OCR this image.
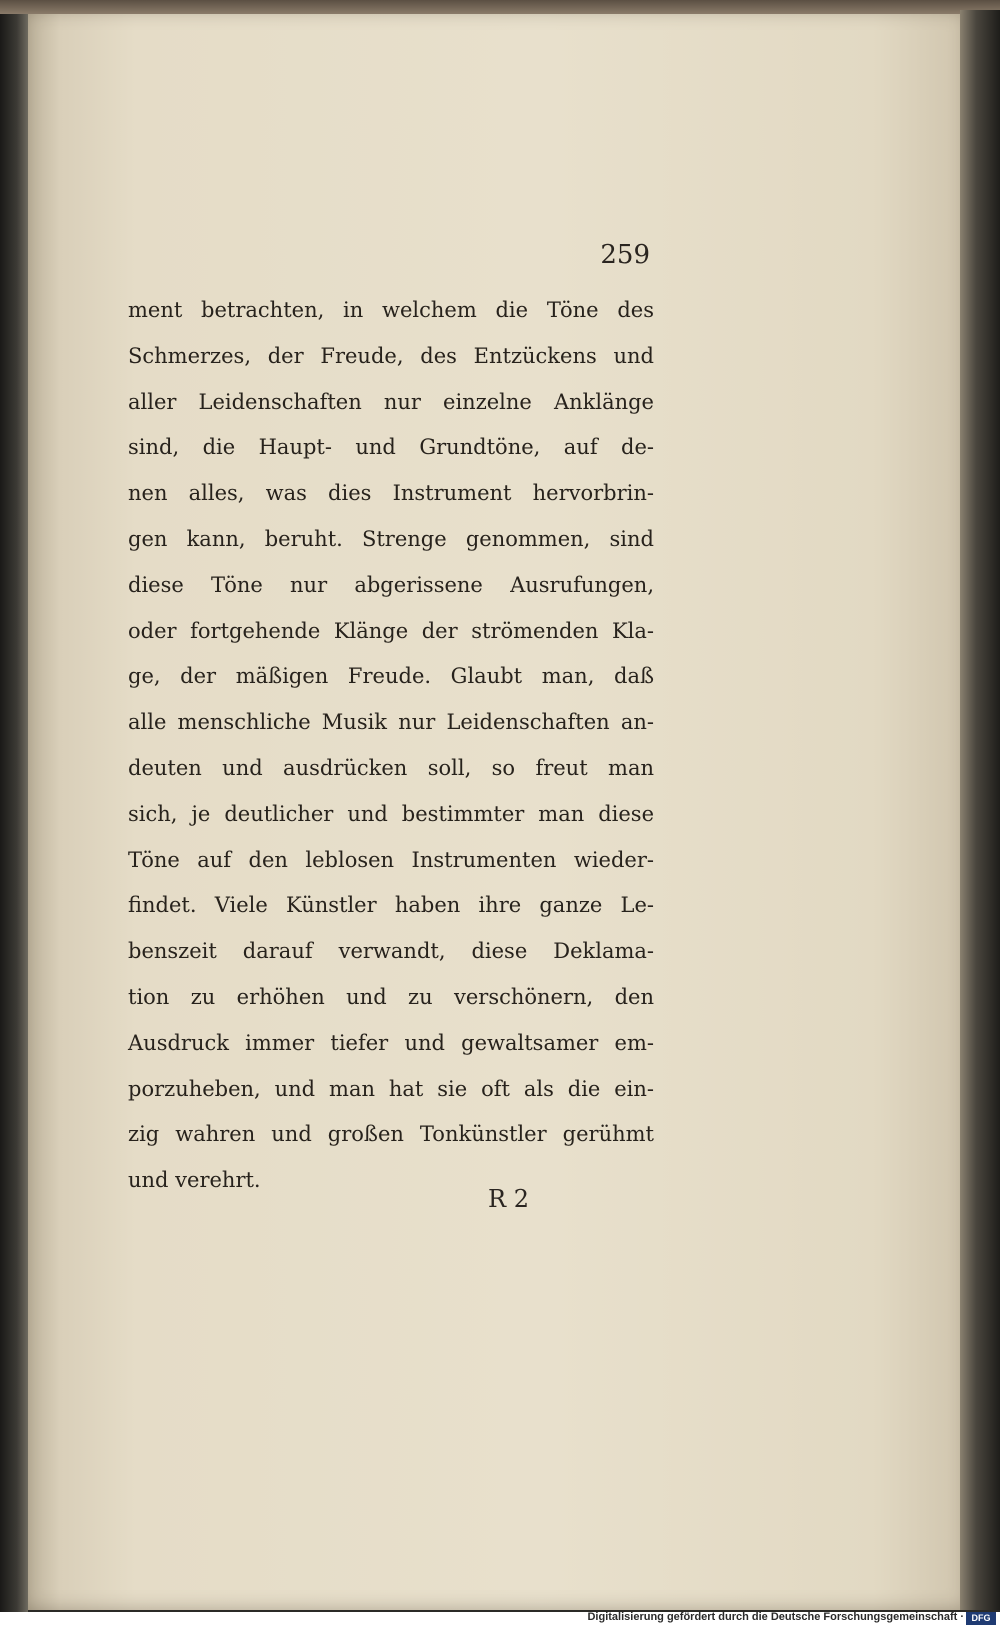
259
ment betrachten, in welchem die Töne des
Schmerzes, der Freude, des Entzückens und
aller Leidenschaften nur einzelne Anklänge
sind, die Haupt- und Grundtöne, auf de-
nen alles, was dies Instrument hervorbrin-
gen kann, beruht. Strenge genommen, sind
diese Töne nur abgerissene Ausrufungen,
oder fortgehende Klänge der strömenden Kla-
ge, der mäßigen Freude. Glaubt man, daß
alle menschliche Musik nur Leidenschaften an-
deuten und ausdrücken soll, so freut man
sich, je deutlicher und bestimmter man diese
Töne auf den leblosen Instrumenten wieder-
findet. Viele Künstler haben ihre ganze Le-
benszeit darauf verwandt, diese Deklama-
tion zu erhöhen und zu verschönern, den
Ausdruck immer tiefer und gewaltsamer em-
porzuheben, und man hat sie oft als die ein-
zig wahren und großen Tonkünstler gerühmt
und verehrt.
R 2
Digitalisierung gefördert durch die Deutsche Forschungsgemeinschaft · DFG
